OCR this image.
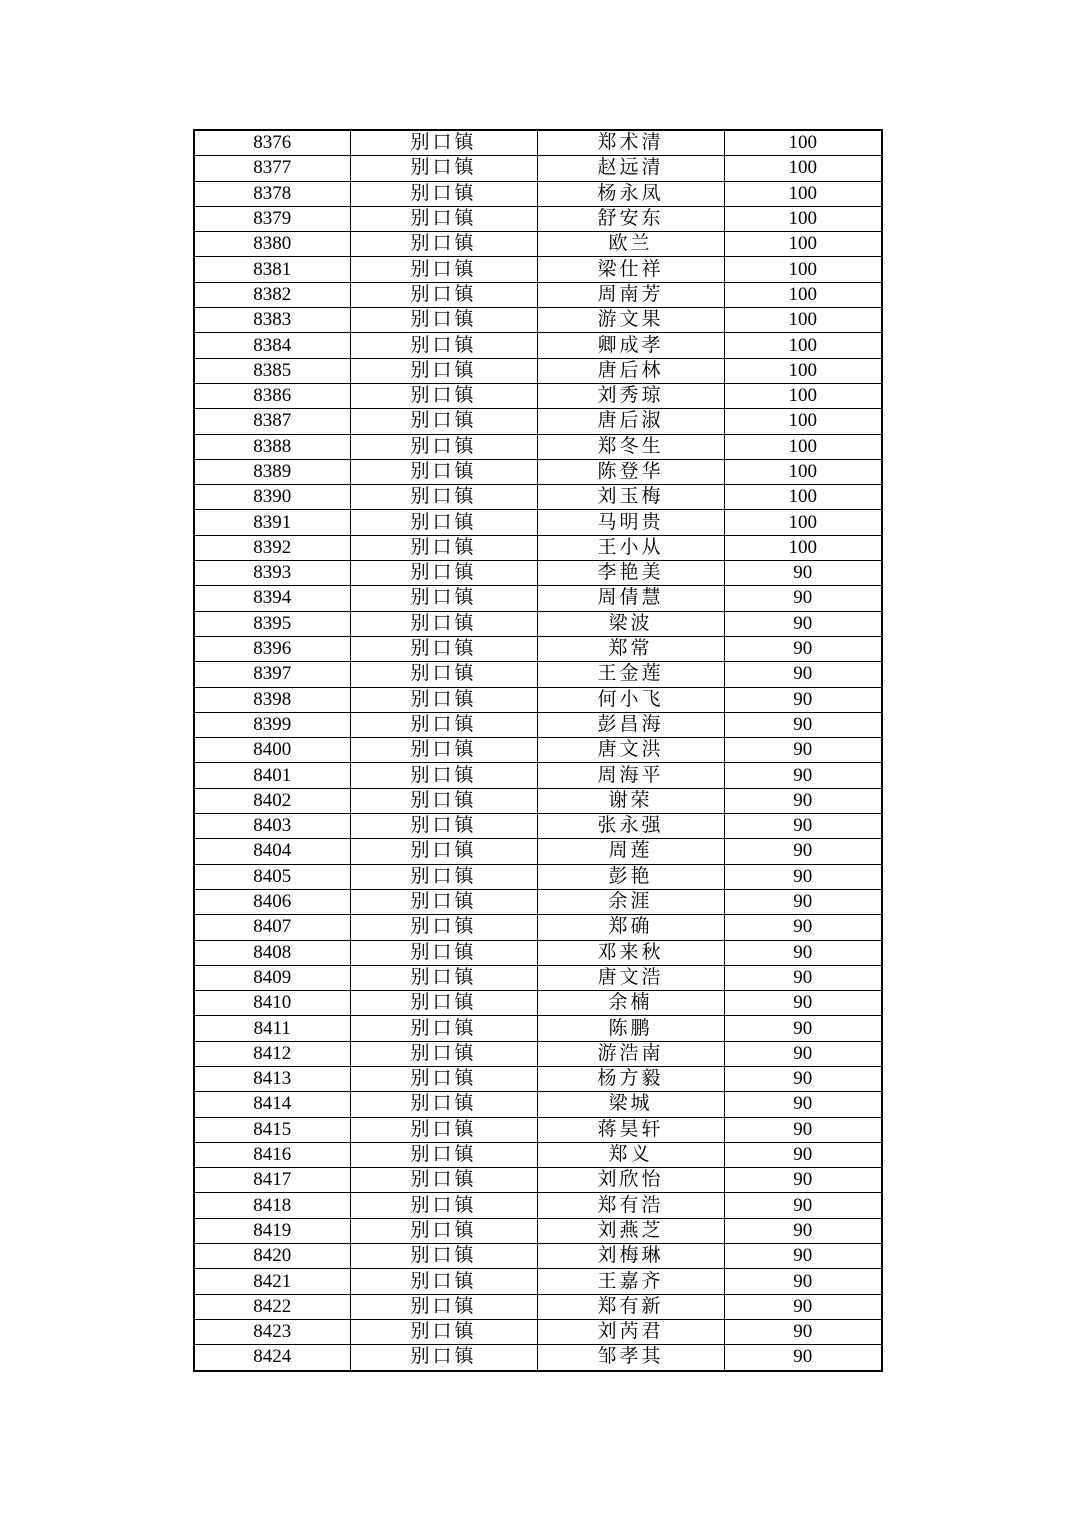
8376	别口镇	郑术清	100
8377	别口镇	赵远清	100
8378	别口镇	杨永凤	100
8379	别口镇	舒安东	100
8380	别口镇	欧兰	100
8381	别口镇	梁仕祥	100
8382	别口镇	周南芳	100
8383	别口镇	游文果	100
8384	别口镇	卿成孝	100
8385	别口镇	唐后林	100
8386	别口镇	刘秀琼	100
8387	别口镇	唐后淑	100
8388	别口镇	郑冬生	100
8389	别口镇	陈登华	100
8390	别口镇	刘玉梅	100
8391	别口镇	马明贵	100
8392	别口镇	王小从	100
8393	别口镇	李艳美	90
8394	别口镇	周倩慧	90
8395	别口镇	梁波	90
8396	别口镇	郑常	90
8397	别口镇	王金莲	90
8398	别口镇	何小飞	90
8399	别口镇	彭昌海	90
8400	别口镇	唐文洪	90
8401	别口镇	周海平	90
8402	别口镇	谢荣	90
8403	别口镇	张永强	90
8404	别口镇	周莲	90
8405	别口镇	彭艳	90
8406	别口镇	余涯	90
8407	别口镇	郑确	90
8408	别口镇	邓来秋	90
8409	别口镇	唐文浩	90
8410	别口镇	余楠	90
8411	别口镇	陈鹏	90
8412	别口镇	游浩南	90
8413	别口镇	杨方毅	90
8414	别口镇	梁城	90
8415	别口镇	蒋昊轩	90
8416	别口镇	郑义	90
8417	别口镇	刘欣怡	90
8418	别口镇	郑有浩	90
8419	别口镇	刘燕芝	90
8420	别口镇	刘梅琳	90
8421	别口镇	王嘉齐	90
8422	别口镇	郑有新	90
8423	别口镇	刘芮君	90
8424	别口镇	邹孝其	90
